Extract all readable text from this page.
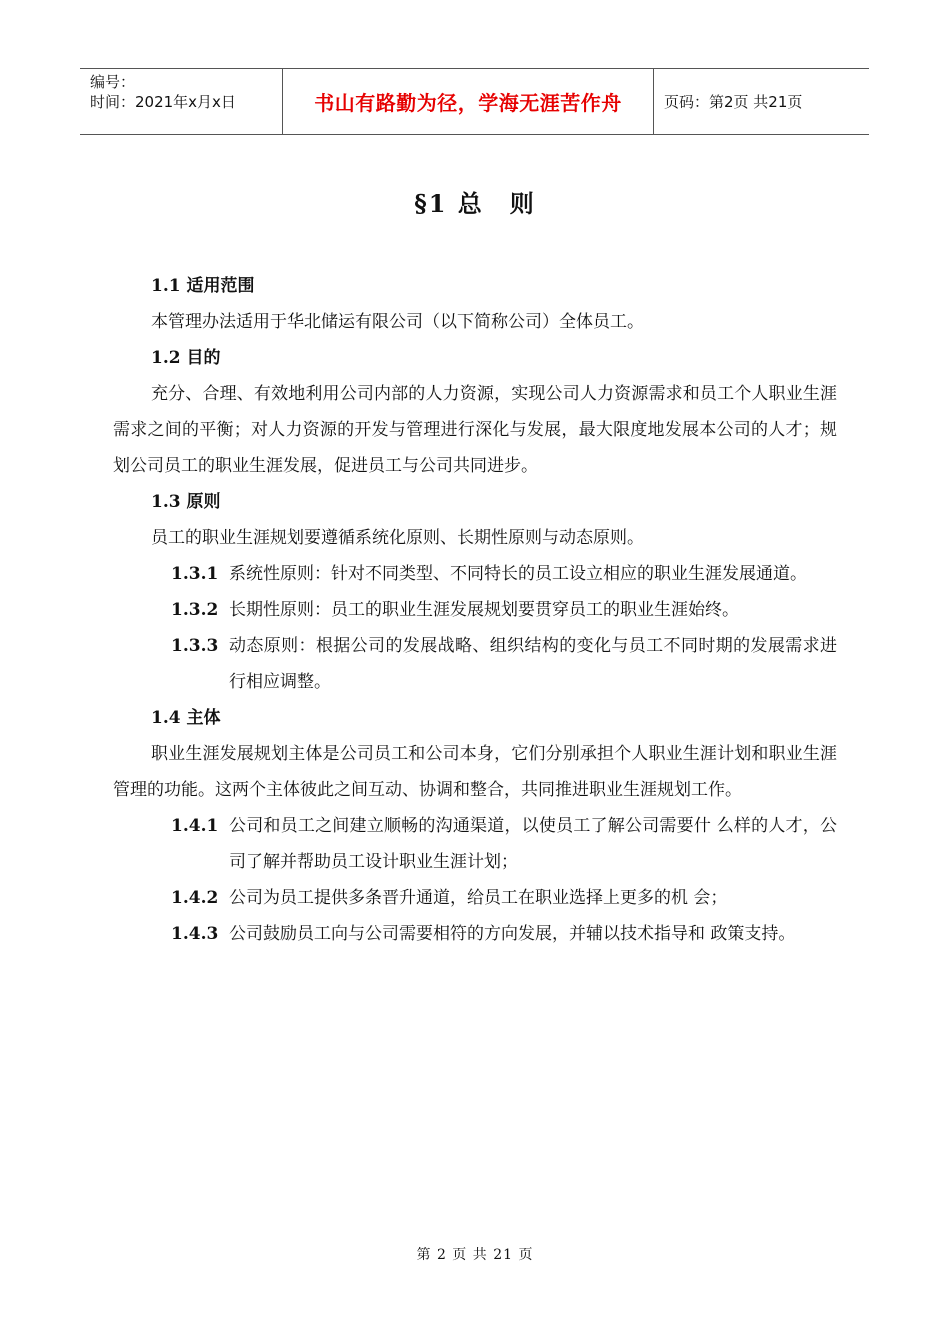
编号：
时间：2021年x月x日	书山有路勤为径，学海无涯苦作舟	页码：第2页 共21页
§1 总　则
1.1 适用范围
本管理办法适用于华北储运有限公司（以下简称公司）全体员工。
1.2 目的
充分、合理、有效地利用公司内部的人力资源，实现公司人力资源需求和员工个人职业生涯需求之间的平衡；对人力资源的开发与管理进行深化与发展，最大限度地发展本公司的人才；规划公司员工的职业生涯发展，促进员工与公司共同进步。
1.3 原则
员工的职业生涯规划要遵循系统化原则、长期性原则与动态原则。
1.3.1 系统性原则：针对不同类型、不同特长的员工设立相应的职业生涯发展通道。
1.3.2 长期性原则：员工的职业生涯发展规划要贯穿员工的职业生涯始终。
1.3.3 动态原则：根据公司的发展战略、组织结构的变化与员工不同时期的发展需求进行相应调整。
1.4 主体
职业生涯发展规划主体是公司员工和公司本身，它们分别承担个人职业生涯计划和职业生涯管理的功能。这两个主体彼此之间互动、协调和整合，共同推进职业生涯规划工作。
1.4.1 公司和员工之间建立顺畅的沟通渠道，以使员工了解公司需要什 么样的人才，公司了解并帮助员工设计职业生涯计划；
1.4.2 公司为员工提供多条晋升通道，给员工在职业选择上更多的机 会；
1.4.3 公司鼓励员工向与公司需要相符的方向发展，并辅以技术指导和 政策支持。
第 2 页 共 21 页
